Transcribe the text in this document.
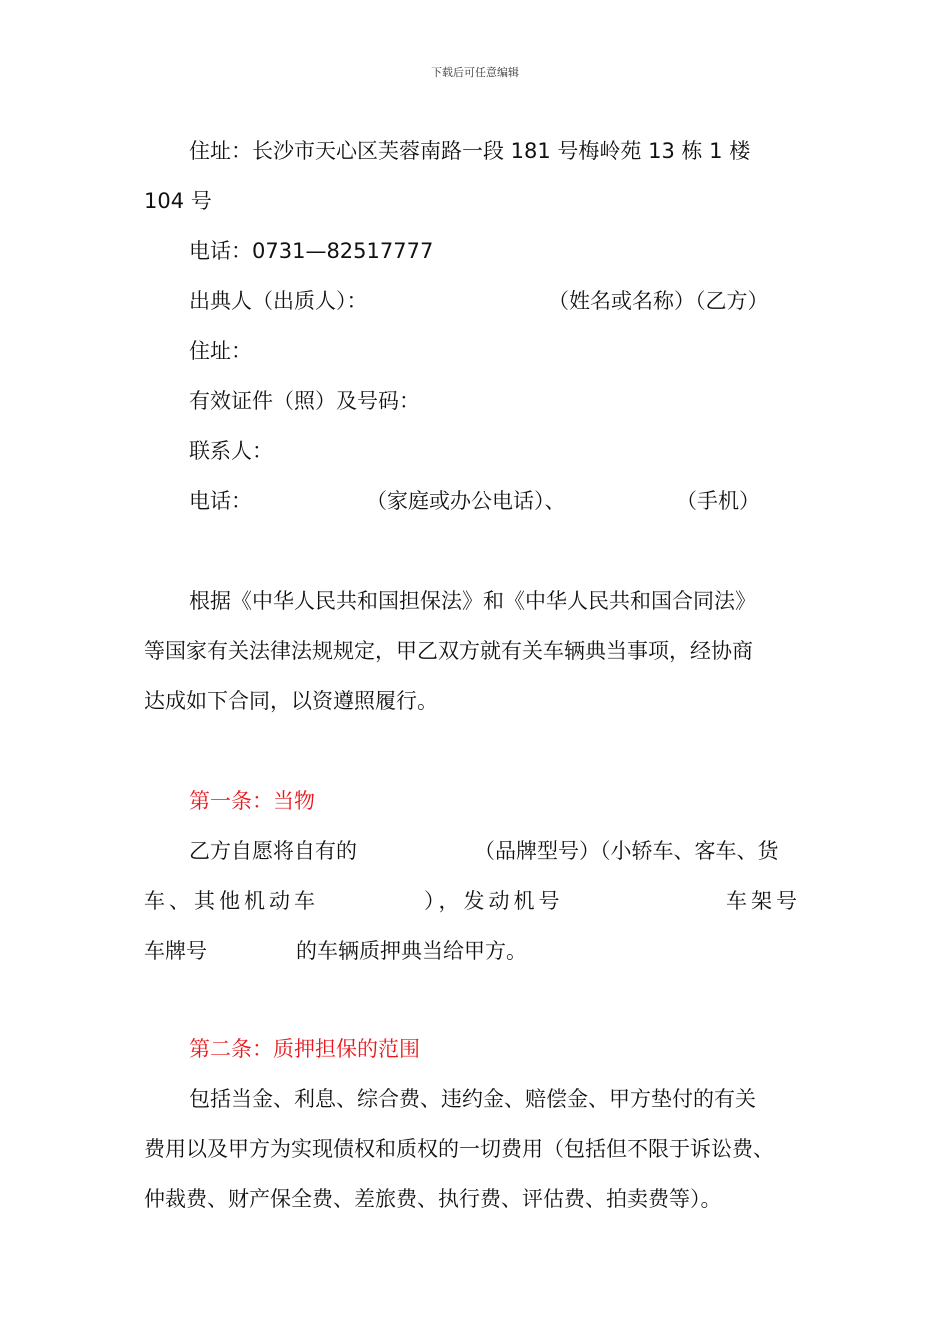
下载后可任意编辑
住址：长沙市天心区芙蓉南路一段 181 号梅岭苑 13 栋 1 楼
104 号
电话：0731—82517777
出典人（出质人）：	（姓名或名称）（乙方）
住址：
有效证件（照）及号码：
联系人：
电话：	（家庭或办公电话）、	（手机）
根据《中华人民共和国担保法》和《中华人民共和国合同法》
等国家有关法律法规规定，甲乙双方就有关车辆典当事项，经协商
达成如下合同，以资遵照履行。
第一条：当物
乙方自愿将自有的	（品牌型号）（小轿车、客车、货
车、其他机动车	），发动机号	车架号
车牌号	的车辆质押典当给甲方。
第二条：质押担保的范围
包括当金、利息、综合费、违约金、赔偿金、甲方垫付的有关
费用以及甲方为实现债权和质权的一切费用（包括但不限于诉讼费、
仲裁费、财产保全费、差旅费、执行费、评估费、拍卖费等）。
